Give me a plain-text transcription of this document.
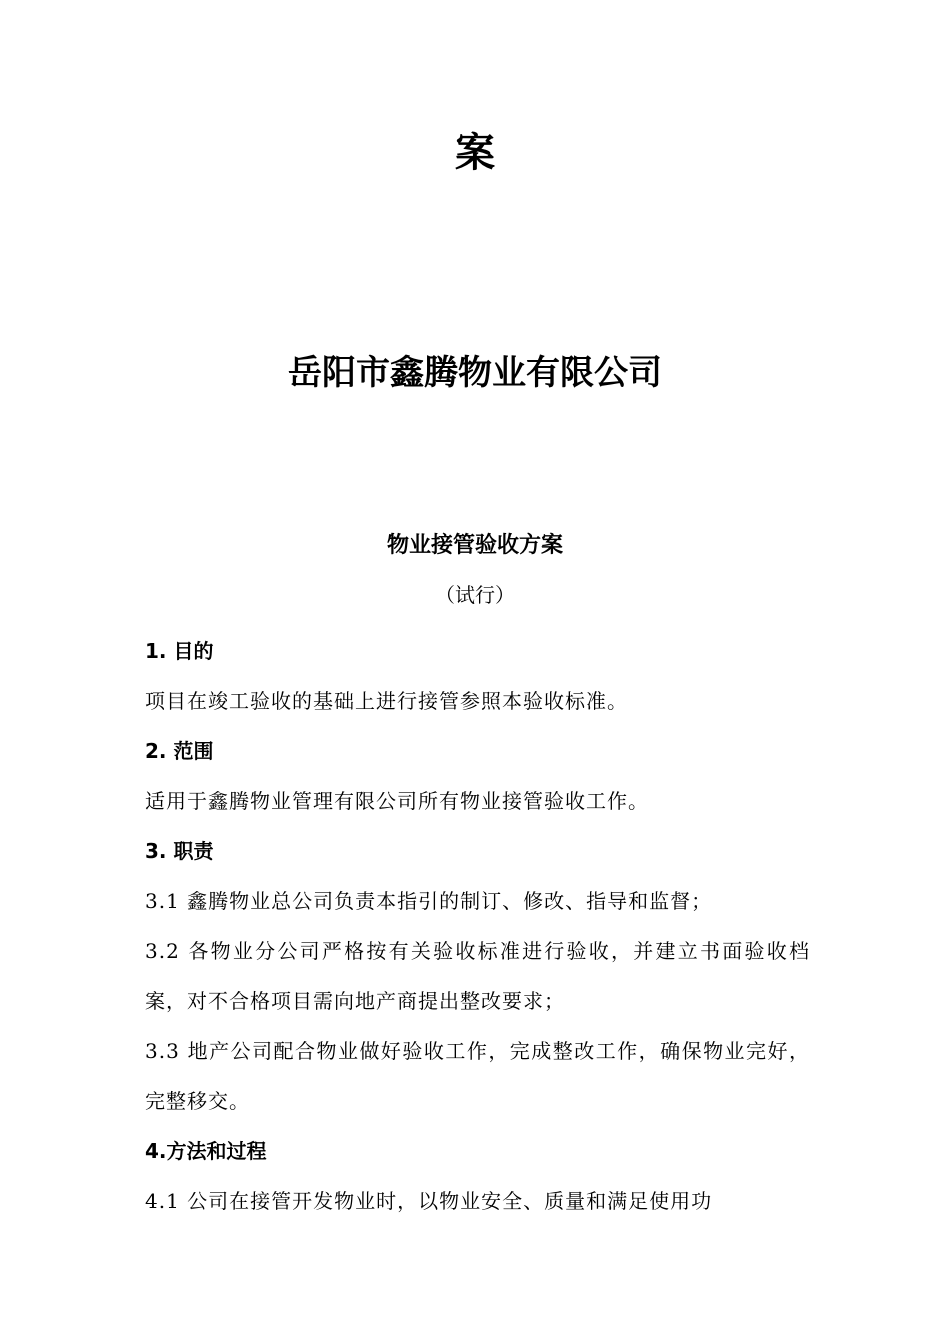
案
岳阳市鑫腾物业有限公司
物业接管验收方案
（试行）
1. 目的

项目在竣工验收的基础上进行接管参照本验收标准。

2. 范围

适用于鑫腾物业管理有限公司所有物业接管验收工作。

3. 职责

3.1 鑫腾物业总公司负责本指引的制订、修改、指导和监督；

3.2 各物业分公司严格按有关验收标准进行验收，并建立书面验收档案，对不合格项目需向地产商提出整改要求；

3.3 地产公司配合物业做好验收工作，完成整改工作，确保物业完好，完整移交。

4.方法和过程

4.1 公司在接管开发物业时，以物业安全、质量和满足使用功
